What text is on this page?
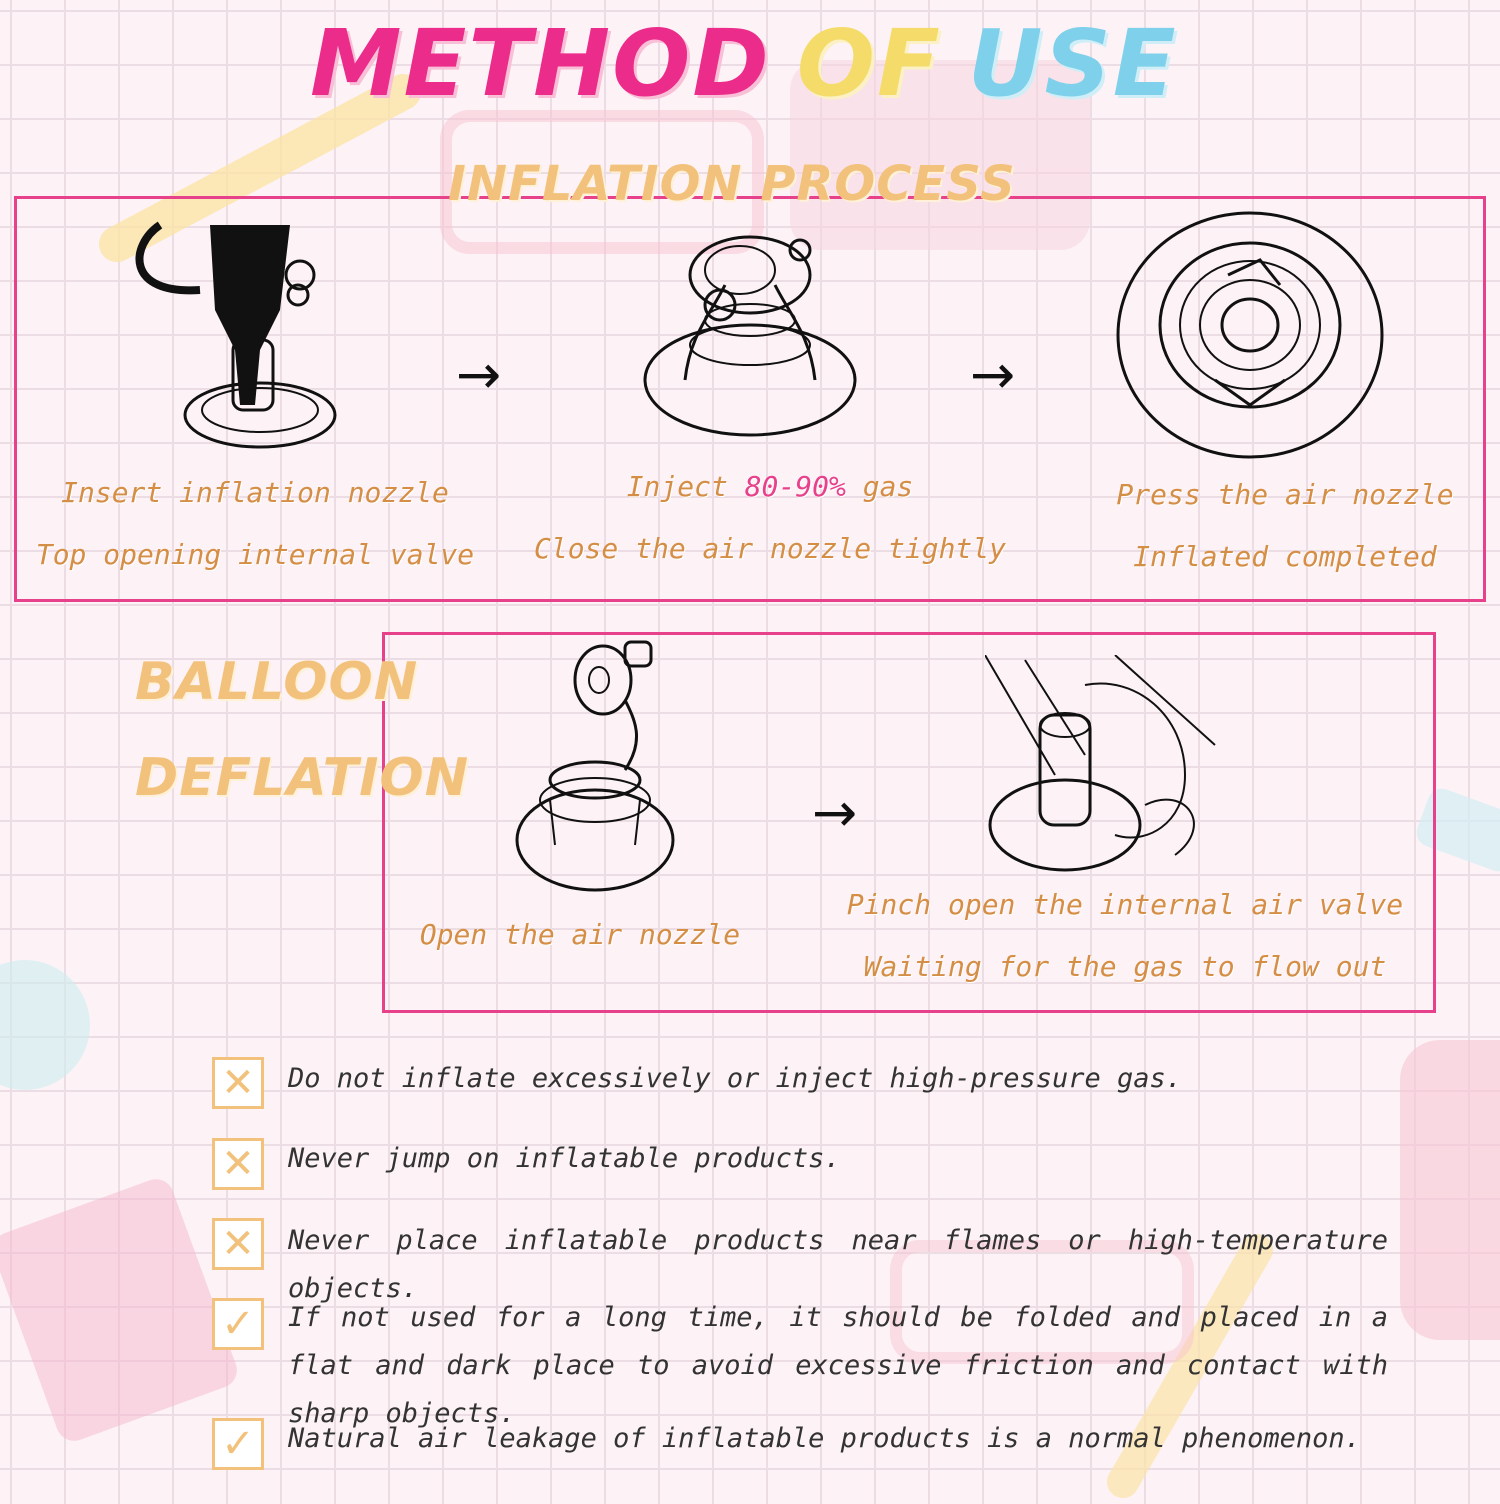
METHOD OF USE
INFLATION PROCESS
→	→
Insert inflation nozzle
Top opening internal valve
Inject 80-90% gas
Close the air nozzle tightly
Press the air nozzle
Inflated completed
BALLOON
DEFLATION
→
Open the air nozzle
Pinch open the internal air valve
Waiting for the gas to flow out
✕	Do not inflate excessively or inject high-pressure gas.
✕	Never jump on inflatable products.
✕	Never place inflatable products near flames or high-temperature objects.
✓	If not used for a long time, it should be folded and placed in a flat and dark place to avoid excessive friction and contact with sharp objects.
✓	Natural air leakage of inflatable products is a normal phenomenon.
